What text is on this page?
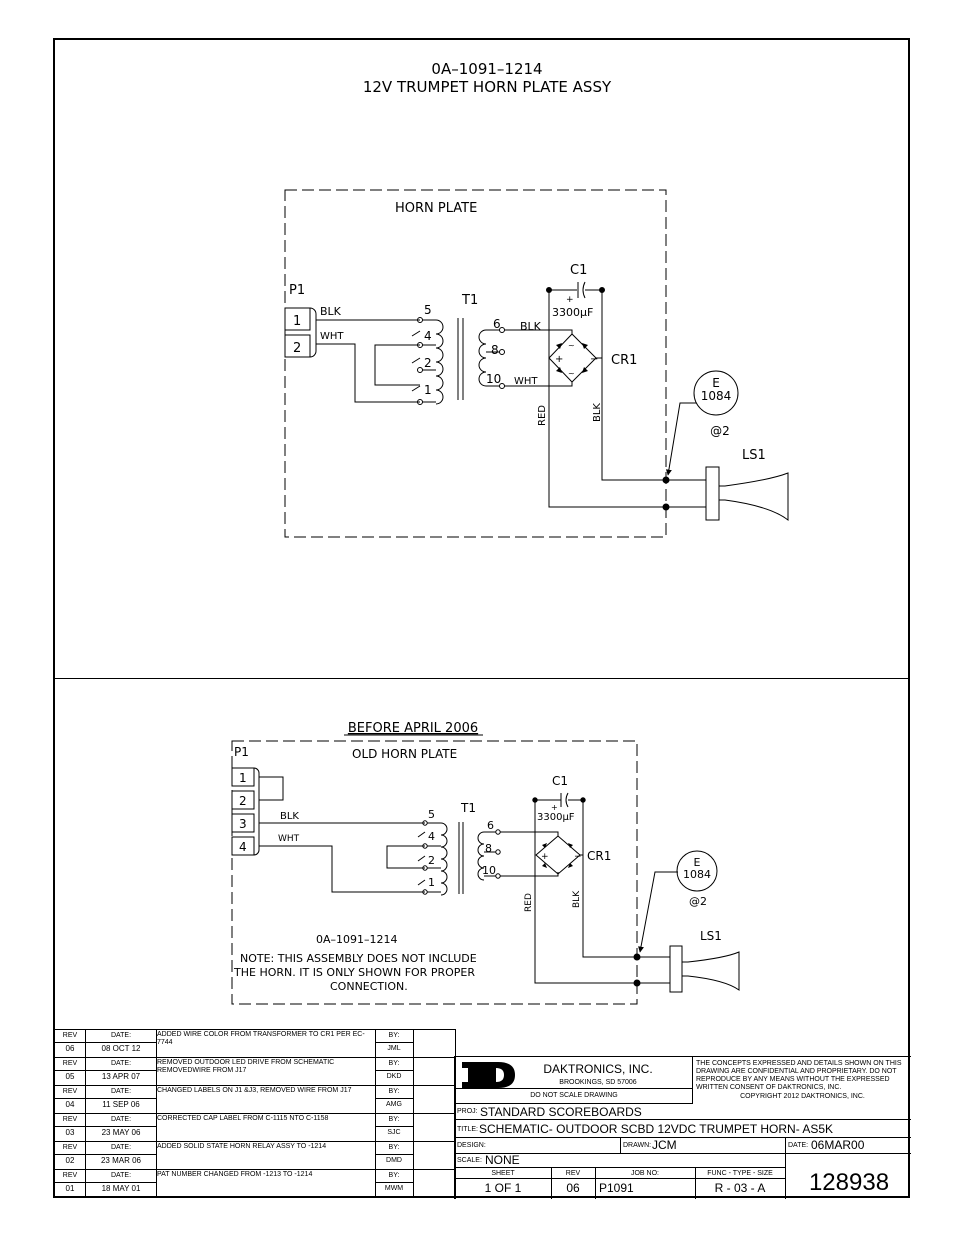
0A–1091–1214
12V TRUMPET HORN PLATE ASSY
HORN PLATE
P1
1
2
BLK
WHT
5
4
2
1
T1
6
8
10
BLK
WHT
C1
+
3300μF
CR1
+	−
~
~
RED	BLK
E
1084
@2
LS1
BEFORE APRIL 2006
OLD HORN PLATE
P1
1
2
3
4
BLK
WHT
5
4
2
1
T1
6
8
10
C1
+
3300μF
CR1
+	−
RED	BLK
E
1084
@2
LS1
0A–1091–1214
NOTE: THIS ASSEMBLY DOES NOT INCLUDE
THE HORN. IT IS ONLY SHOWN FOR PROPER
CONNECTION.
REV
06
DATE:
08 OCT 12
ADDED WIRE COLOR FROM TRANSFORMER TO CR1 PER EC-7744
BY:
JML
REV
05
DATE:
13 APR 07
REMOVED OUTDOOR LED DRIVE FROM SCHEMATIC REMOVEDWIRE FROM J17
BY:
DKD
REV
04
DATE:
11 SEP 06
CHANGED LABELS ON J1 &J3, REMOVED WIRE FROM J17	BY:
AMG
REV
03
DATE:
23 MAY 06
CORRECTED CAP LABEL FROM C-1115 NTO C-1158	BY:
SJC
REV
02
DATE:
23 MAR 06
ADDED SOLID STATE HORN RELAY ASSY TO -1214	BY:
DMD
REV
01
DATE:
18 MAY 01
PAT NUMBER CHANGED FROM -1213 TO -1214	BY:
MWM
DAKTRONICS, INC.
BROOKINGS, SD 57006
DO NOT SCALE DRAWING
THE CONCEPTS EXPRESSED AND DETAILS SHOWN ON THIS DRAWING ARE CONFIDENTIAL AND PROPRIETARY. DO NOT REPRODUCE BY ANY MEANS WITHOUT THE EXPRESSED WRITTEN CONSENT OF DAKTRONICS, INC.
COPYRIGHT 2012 DAKTRONICS, INC.
PROJ: STANDARD SCOREBOARDS
TITLE: SCHEMATIC- OUTDOOR SCBD 12VDC TRUMPET HORN- AS5K
DESIGN:	DRAWN: JCM	DATE: 06MAR00
SCALE: NONE
SHEET
1 OF 1
REV
06
JOB NO:
P1091
FUNC - TYPE - SIZE
R - 03 - A	128938
